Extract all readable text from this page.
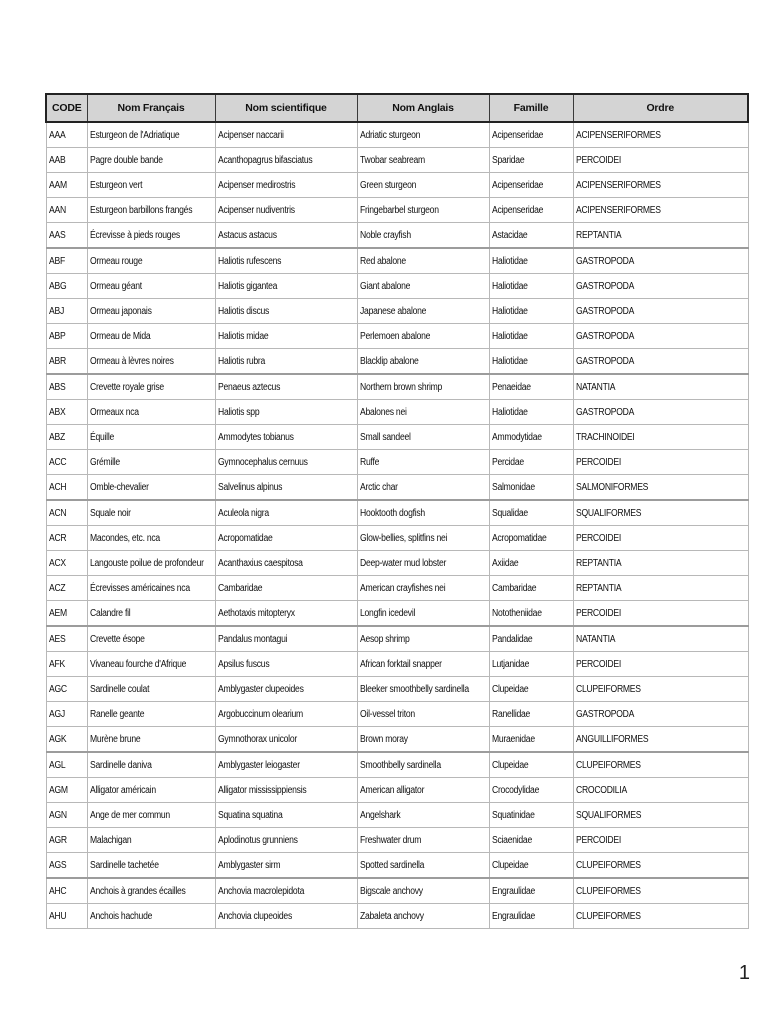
CODE	Nom Français	Nom scientifique	Nom Anglais	Famille	Ordre
AAA	Esturgeon de l'Adriatique	Acipenser naccarii	Adriatic sturgeon	Acipenseridae	ACIPENSERIFORMES
AAB	Pagre double bande	Acanthopagrus bifasciatus	Twobar seabream	Sparidae	PERCOIDEI
AAM	Esturgeon vert	Acipenser medirostris	Green sturgeon	Acipenseridae	ACIPENSERIFORMES
AAN	Esturgeon barbillons frangés	Acipenser nudiventris	Fringebarbel sturgeon	Acipenseridae	ACIPENSERIFORMES
AAS	Écrevisse à pieds rouges	Astacus astacus	Noble crayfish	Astacidae	REPTANTIA
ABF	Ormeau rouge	Haliotis rufescens	Red abalone	Haliotidae	GASTROPODA
ABG	Ormeau géant	Haliotis gigantea	Giant abalone	Haliotidae	GASTROPODA
ABJ	Ormeau japonais	Haliotis discus	Japanese abalone	Haliotidae	GASTROPODA
ABP	Ormeau de Mida	Haliotis midae	Perlemoen abalone	Haliotidae	GASTROPODA
ABR	Ormeau à lèvres noires	Haliotis rubra	Blacklip abalone	Haliotidae	GASTROPODA
ABS	Crevette royale grise	Penaeus aztecus	Northern brown shrimp	Penaeidae	NATANTIA
ABX	Ormeaux nca	Haliotis spp	Abalones nei	Haliotidae	GASTROPODA
ABZ	Équille	Ammodytes tobianus	Small sandeel	Ammodytidae	TRACHINOIDEI
ACC	Grémille	Gymnocephalus cernuus	Ruffe	Percidae	PERCOIDEI
ACH	Omble-chevalier	Salvelinus alpinus	Arctic char	Salmonidae	SALMONIFORMES
ACN	Squale noir	Aculeola nigra	Hooktooth dogfish	Squalidae	SQUALIFORMES
ACR	Macondes, etc. nca	Acropomatidae	Glow-bellies, splitfins nei	Acropomatidae	PERCOIDEI
ACX	Langouste poilue de profondeur	Acanthaxius caespitosa	Deep-water mud lobster	Axiidae	REPTANTIA
ACZ	Écrevisses américaines nca	Cambaridae	American crayfishes nei	Cambaridae	REPTANTIA
AEM	Calandre fil	Aethotaxis mitopteryx	Longfin icedevil	Nototheniidae	PERCOIDEI
AES	Crevette ésope	Pandalus montagui	Aesop shrimp	Pandalidae	NATANTIA
AFK	Vivaneau fourche d'Afrique	Apsilus fuscus	African forktail snapper	Lutjanidae	PERCOIDEI
AGC	Sardinelle coulat	Amblygaster clupeoides	Bleeker smoothbelly sardinella	Clupeidae	CLUPEIFORMES
AGJ	Ranelle geante	Argobuccinum olearium	Oil-vessel triton	Ranellidae	GASTROPODA
AGK	Murène brune	Gymnothorax unicolor	Brown moray	Muraenidae	ANGUILLIFORMES
AGL	Sardinelle daniva	Amblygaster leiogaster	Smoothbelly sardinella	Clupeidae	CLUPEIFORMES
AGM	Alligator américain	Alligator mississippiensis	American alligator	Crocodylidae	CROCODILIA
AGN	Ange de mer commun	Squatina squatina	Angelshark	Squatinidae	SQUALIFORMES
AGR	Malachigan	Aplodinotus grunniens	Freshwater drum	Sciaenidae	PERCOIDEI
AGS	Sardinelle tachetée	Amblygaster sirm	Spotted sardinella	Clupeidae	CLUPEIFORMES
AHC	Anchois à grandes écailles	Anchovia macrolepidota	Bigscale anchovy	Engraulidae	CLUPEIFORMES
AHU	Anchois hachude	Anchovia clupeoides	Zabaleta anchovy	Engraulidae	CLUPEIFORMES
1
